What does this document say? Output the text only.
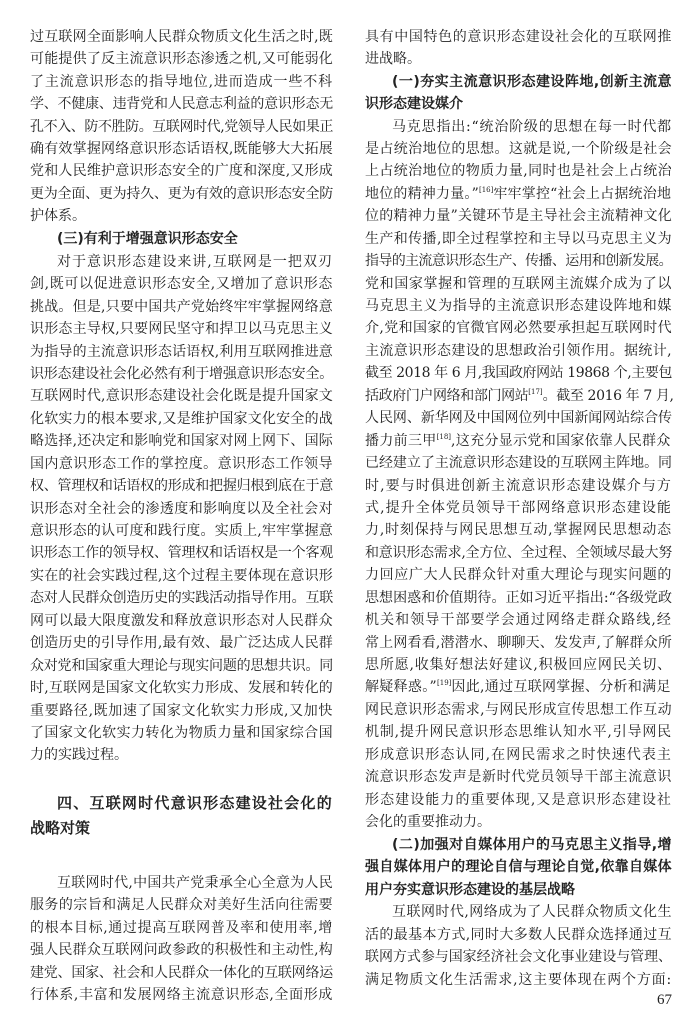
过互联网全面影响人民群众物质文化生活之时,既
可能提供了反主流意识形态渗透之机,又可能弱化
了主流意识形态的指导地位,进而造成一些不科
学、不健康、违背党和人民意志利益的意识形态无
孔不入、防不胜防。互联网时代,党领导人民如果正
确有效掌握网络意识形态话语权,既能够大大拓展
党和人民维护意识形态安全的广度和深度,又形成
更为全面、更为持久、更为有效的意识形态安全防
护体系。
(三)有利于增强意识形态安全
对于意识形态建设来讲,互联网是一把双刃
剑,既可以促进意识形态安全,又增加了意识形态
挑战。但是,只要中国共产党始终牢牢掌握网络意
识形态主导权,只要网民坚守和捍卫以马克思主义
为指导的主流意识形态话语权,利用互联网推进意
识形态建设社会化必然有利于增强意识形态安全。
互联网时代,意识形态建设社会化既是提升国家文
化软实力的根本要求,又是维护国家文化安全的战
略选择,还决定和影响党和国家对网上网下、国际
国内意识形态工作的掌控度。意识形态工作领导
权、管理权和话语权的形成和把握归根到底在于意
识形态对全社会的渗透度和影响度以及全社会对
意识形态的认可度和践行度。实质上,牢牢掌握意
识形态工作的领导权、管理权和话语权是一个客观
实在的社会实践过程,这个过程主要体现在意识形
态对人民群众创造历史的实践活动指导作用。互联
网可以最大限度激发和释放意识形态对人民群众
创造历史的引导作用,最有效、最广泛达成人民群
众对党和国家重大理论与现实问题的思想共识。同
时,互联网是国家文化软实力形成、发展和转化的
重要路径,既加速了国家文化软实力形成,又加快
了国家文化软实力转化为物质力量和国家综合国
力的实践过程。
四、互联网时代意识形态建设社会化的
战略对策
互联网时代,中国共产党秉承全心全意为人民
服务的宗旨和满足人民群众对美好生活向往需要
的根本目标,通过提高互联网普及率和使用率,增
强人民群众互联网问政参政的积极性和主动性,构
建党、国家、社会和人民群众一体化的互联网络运
行体系,丰富和发展网络主流意识形态,全面形成
具有中国特色的意识形态建设社会化的互联网推
进战略。
(一)夯实主流意识形态建设阵地,创新主流意
识形态建设媒介
马克思指出:“统治阶级的思想在每一时代都
是占统治地位的思想。这就是说,一个阶级是社会
上占统治地位的物质力量,同时也是社会上占统治
地位的精神力量。”[16]牢牢掌控“社会上占据统治地
位的精神力量”关键环节是主导社会主流精神文化
生产和传播,即全过程掌控和主导以马克思主义为
指导的主流意识形态生产、传播、运用和创新发展。
党和国家掌握和管理的互联网主流媒介成为了以
马克思主义为指导的主流意识形态建设阵地和媒
介,党和国家的官微官网必然要承担起互联网时代
主流意识形态建设的思想政治引领作用。据统计,
截至 2018 年 6 月,我国政府网站 19868 个,主要包
括政府门户网络和部门网站[17]。截至 2016 年 7 月,
人民网、新华网及中国网位列中国新闻网站综合传
播力前三甲[18],这充分显示党和国家依靠人民群众
已经建立了主流意识形态建设的互联网主阵地。同
时,要与时俱进创新主流意识形态建设媒介与方
式,提升全体党员领导干部网络意识形态建设能
力,时刻保持与网民思想互动,掌握网民思想动态
和意识形态需求,全方位、全过程、全领域尽最大努
力回应广大人民群众针对重大理论与现实问题的
思想困惑和价值期待。正如习近平指出:“各级党政
机关和领导干部要学会通过网络走群众路线,经
常上网看看,潜潜水、聊聊天、发发声,了解群众所
思所愿,收集好想法好建议,积极回应网民关切、
解疑释惑。”[19]因此,通过互联网掌握、分析和满足
网民意识形态需求,与网民形成宣传思想工作互动
机制,提升网民意识形态思维认知水平,引导网民
形成意识形态认同,在网民需求之时快速代表主
流意识形态发声是新时代党员领导干部主流意识
形态建设能力的重要体现,又是意识形态建设社
会化的重要推动力。
(二)加强对自媒体用户的马克思主义指导,增
强自媒体用户的理论自信与理论自觉,依靠自媒体
用户夯实意识形态建设的基层战略
互联网时代,网络成为了人民群众物质文化生
活的最基本方式,同时大多数人民群众选择通过互
联网方式参与国家经济社会文化事业建设与管理、
满足物质文化生活需求,这主要体现在两个方面:
67
